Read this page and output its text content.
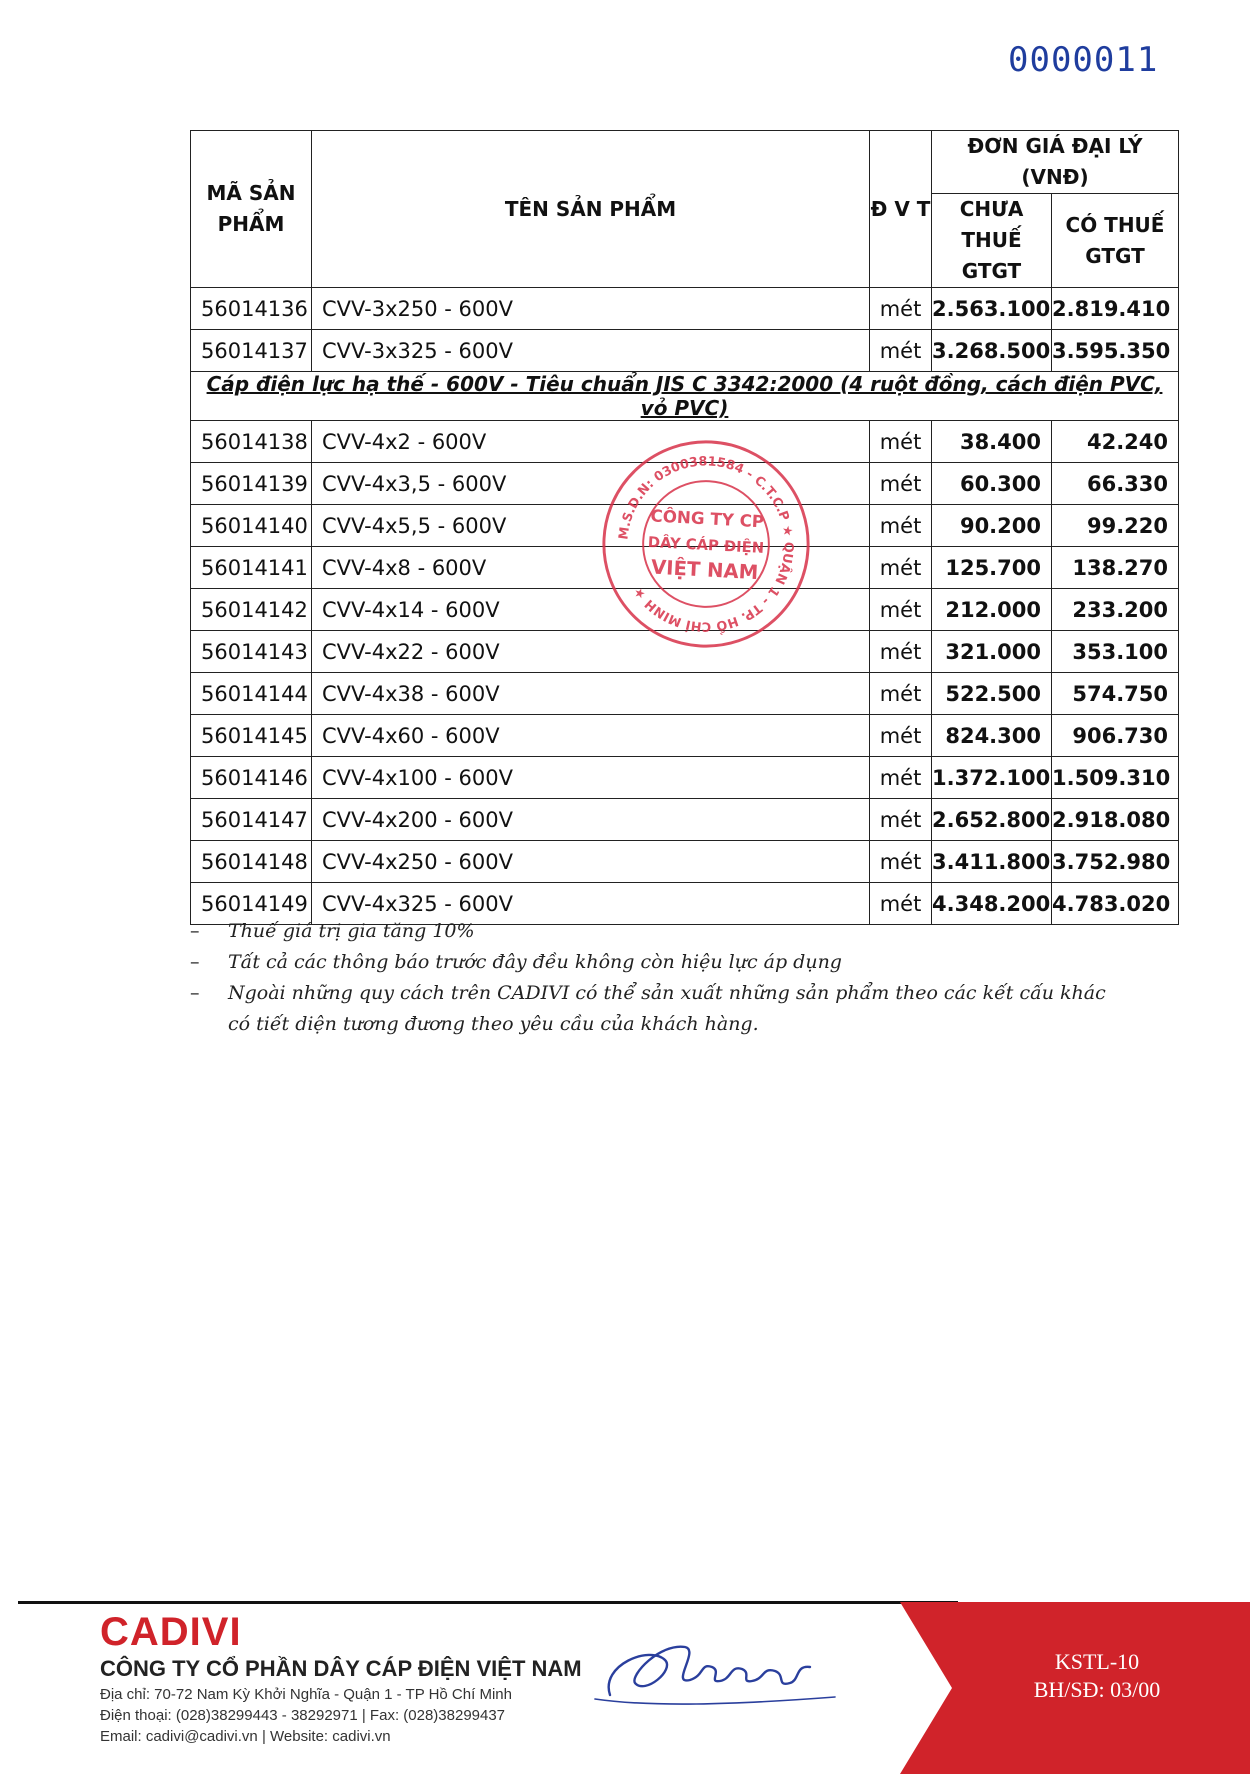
0000011
MÃ SẢN PHẨM	TÊN SẢN PHẨM	Đ V T	ĐƠN GIÁ ĐẠI LÝ (VNĐ)	
			CHƯA THUẾ GTGT	CÓ THUẾ GTGT
56014136	CVV-3x250 - 600V	mét	2.563.100	2.819.410
56014137	CVV-3x325 - 600V	mét	3.268.500	3.595.350
Cáp điện lực hạ thế - 600V - Tiêu chuẩn JIS C 3342:2000 (4 ruột đồng, cách điện PVC, vỏ PVC)				
56014138	CVV-4x2 - 600V	mét	38.400	42.240
56014139	CVV-4x3,5 - 600V	mét	60.300	66.330
56014140	CVV-4x5,5 - 600V	mét	90.200	99.220
56014141	CVV-4x8 - 600V	mét	125.700	138.270
56014142	CVV-4x14 - 600V	mét	212.000	233.200
56014143	CVV-4x22 - 600V	mét	321.000	353.100
56014144	CVV-4x38 - 600V	mét	522.500	574.750
56014145	CVV-4x60 - 600V	mét	824.300	906.730
56014146	CVV-4x100 - 600V	mét	1.372.100	1.509.310
56014147	CVV-4x200 - 600V	mét	2.652.800	2.918.080
56014148	CVV-4x250 - 600V	mét	3.411.800	3.752.980
56014149	CVV-4x325 - 600V	mét	4.348.200	4.783.020
M.S.D.N: 0300381584 - C.T.C.P ★ QUẬN 1 - TP. HỒ CHÍ MINH ★
CÔNG TY CP
DÂY CÁP ĐIỆN
VIỆT NAM
–	Thuế giá trị gia tăng 10%
–	Tất cả các thông báo trước đây đều không còn hiệu lực áp dụng
–	Ngoài những quy cách trên CADIVI có thể sản xuất những sản phẩm theo các kết cấu khác có tiết diện tương đương theo yêu cầu của khách hàng.
CADIVI
CÔNG TY CỔ PHẦN DÂY CÁP ĐIỆN VIỆT NAM
Địa chỉ: 70-72 Nam Kỳ Khởi Nghĩa - Quận 1 - TP Hồ Chí Minh
Điện thoại: (028)38299443 - 38292971 | Fax: (028)38299437
Email: cadivi@cadivi.vn | Website: cadivi.vn
KSTL-10
BH/SĐ: 03/00
